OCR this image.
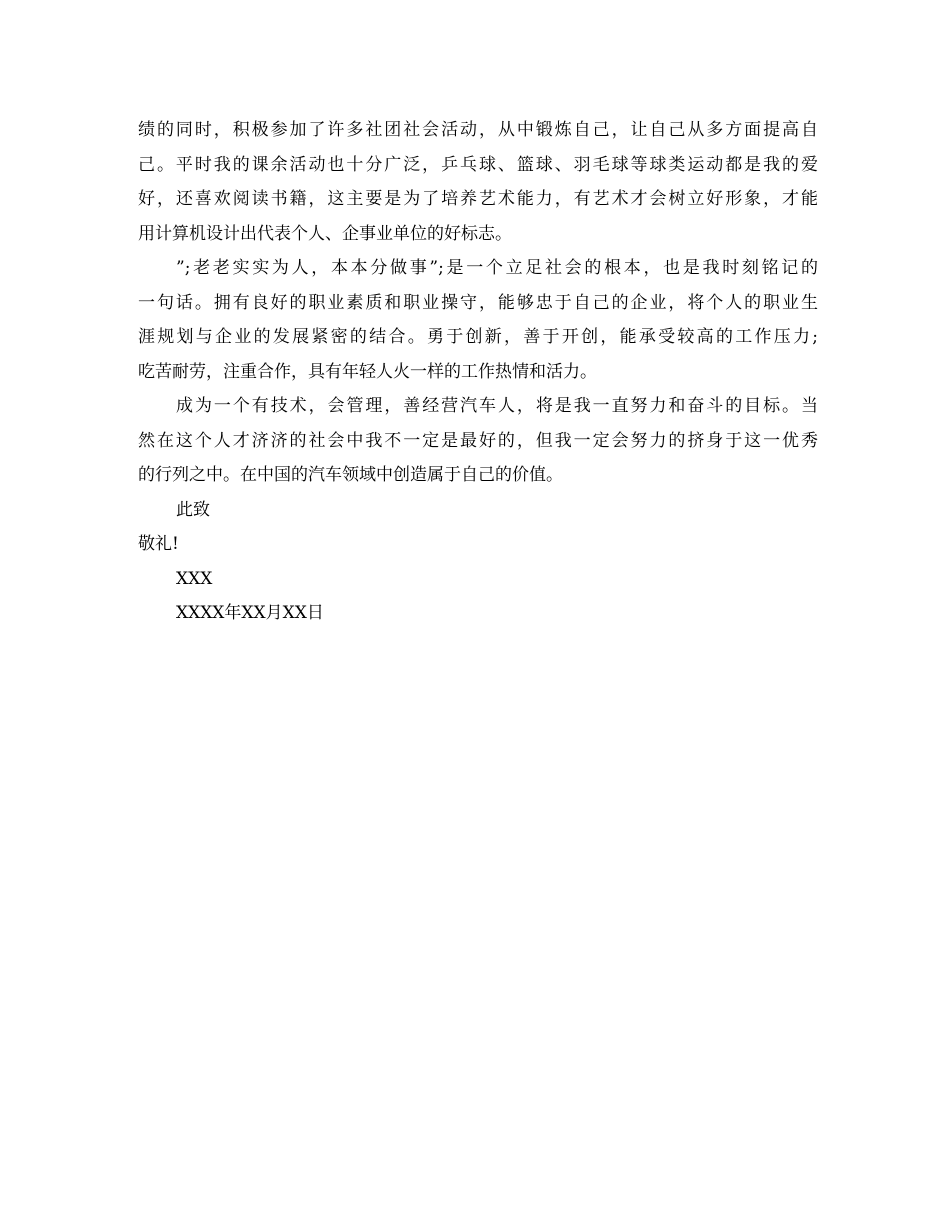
绩的同时，积极参加了许多社团社会活动，从中锻炼自己，让自己从多方面提高自
己。平时我的课余活动也十分广泛，乒乓球、篮球、羽毛球等球类运动都是我的爱
好，还喜欢阅读书籍，这主要是为了培养艺术能力，有艺术才会树立好形象，才能
用计算机设计出代表个人、企事业单位的好标志。
”;老老实实为人，本本分做事”;是一个立足社会的根本，也是我时刻铭记的
一句话。拥有良好的职业素质和职业操守，能够忠于自己的企业，将个人的职业生
涯规划与企业的发展紧密的结合。勇于创新，善于开创，能承受较高的工作压力;
吃苦耐劳，注重合作，具有年轻人火一样的工作热情和活力。
成为一个有技术，会管理，善经营汽车人，将是我一直努力和奋斗的目标。当
然在这个人才济济的社会中我不一定是最好的，但我一定会努力的挤身于这一优秀
的行列之中。在中国的汽车领域中创造属于自己的价值。
此致
敬礼!
XXX
XXXX年XX月XX日
